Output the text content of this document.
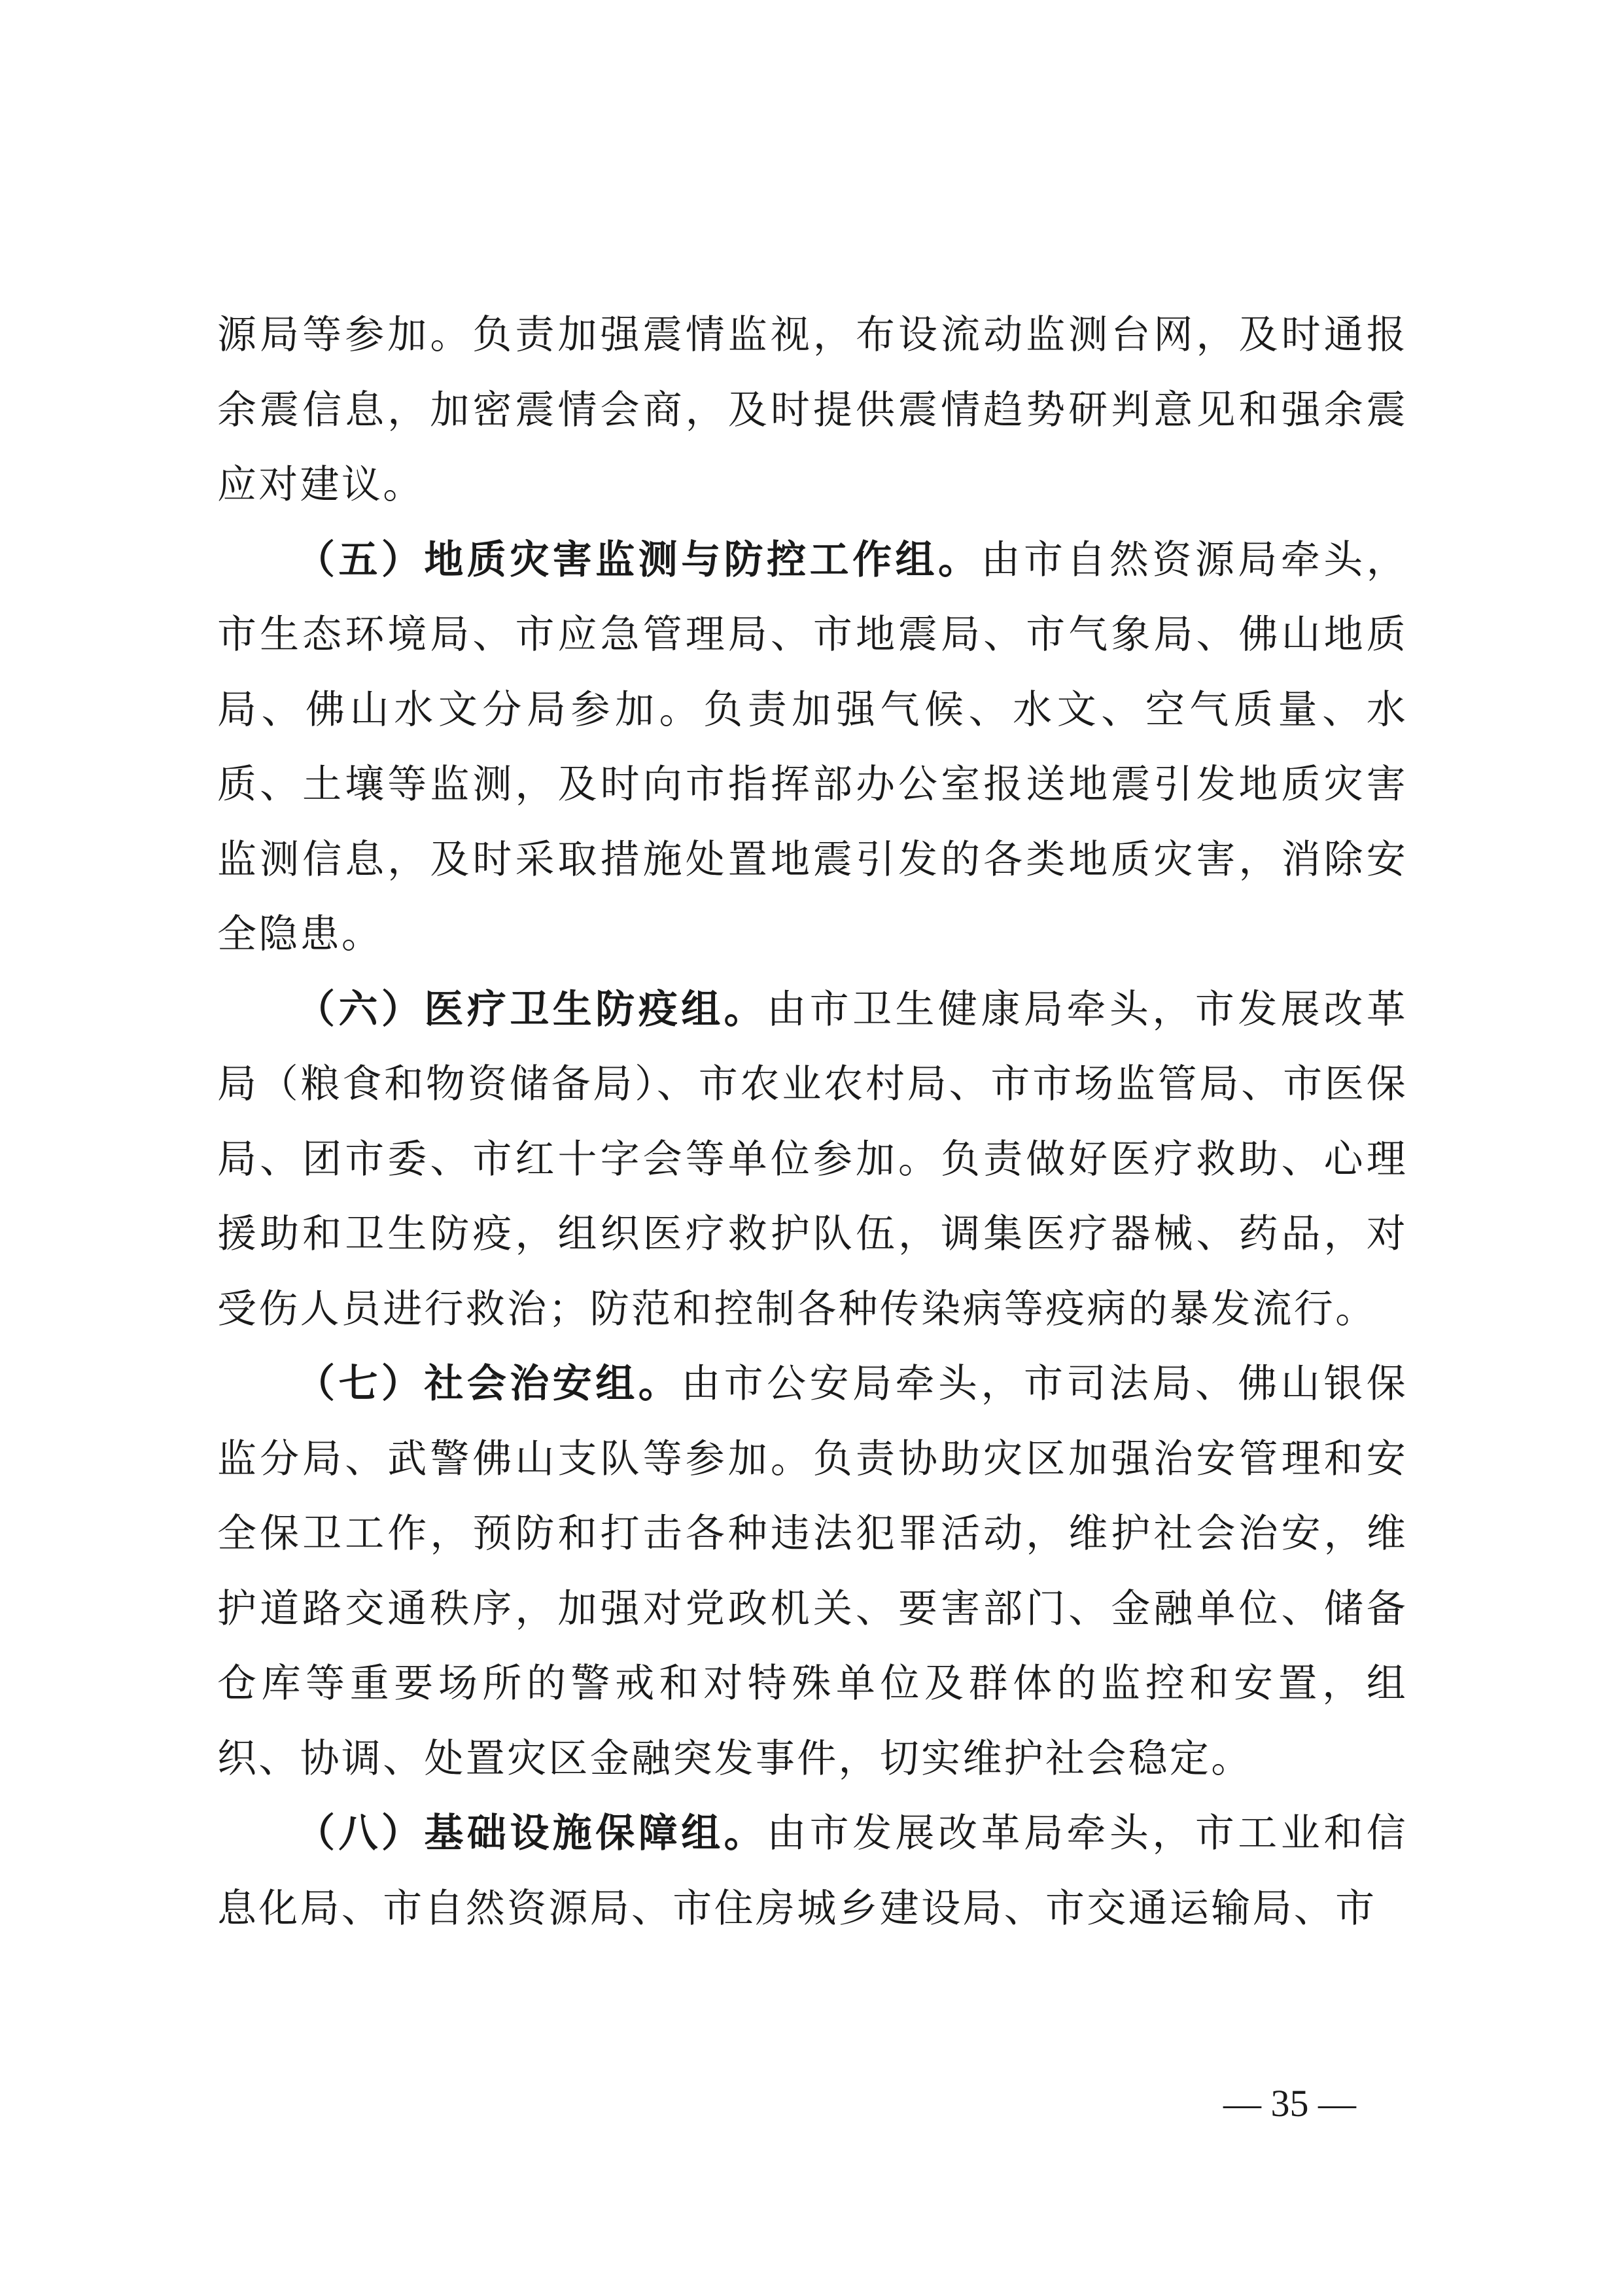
源局等参加。负责加强震情监视，布设流动监测台网，及时通报余震信息，加密震情会商，及时提供震情趋势研判意见和强余震应对建议。

（五）地质灾害监测与防控工作组。由市自然资源局牵头，市生态环境局、市应急管理局、市地震局、市气象局、佛山地质局、佛山水文分局参加。负责加强气候、水文、空气质量、水质、土壤等监测，及时向市指挥部办公室报送地震引发地质灾害监测信息，及时采取措施处置地震引发的各类地质灾害，消除安全隐患。

（六）医疗卫生防疫组。由市卫生健康局牵头，市发展改革局（粮食和物资储备局）、市农业农村局、市市场监管局、市医保局、团市委、市红十字会等单位参加。负责做好医疗救助、心理援助和卫生防疫，组织医疗救护队伍，调集医疗器械、药品，对受伤人员进行救治；防范和控制各种传染病等疫病的暴发流行。

（七）社会治安组。由市公安局牵头，市司法局、佛山银保监分局、武警佛山支队等参加。负责协助灾区加强治安管理和安全保卫工作，预防和打击各种违法犯罪活动，维护社会治安，维护道路交通秩序，加强对党政机关、要害部门、金融单位、储备仓库等重要场所的警戒和对特殊单位及群体的监控和安置，组织、协调、处置灾区金融突发事件，切实维护社会稳定。

（八）基础设施保障组。由市发展改革局牵头，市工业和信息化局、市自然资源局、市住房城乡建设局、市交通运输局、市

— 35 —
